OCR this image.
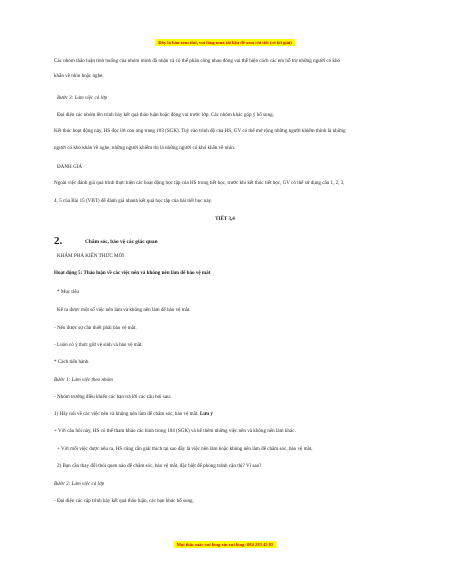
Đây là bản xem thử, vui lòng mua tài liệu để xem chi tiết (có lời giải)

Các nhóm thảo luận tình huống của nhóm mình đã nhận và có thể phân công nhau đóng vai thể hiện cách các em hỗ trợ những người có khó

khăn về nhìn hoặc nghe.

Bước 3: Làm việc cả lớp

Đại diện các nhóm lên trình bày kết quả thảo luận hoặc đóng vai trước lớp. Các nhóm khác góp ý bổ sung.

Kết thúc hoạt động này, HS đọc lời con ong trang 103 (SGK). Tuỳ vào trình độ của HS, GV có thể mở rộng những người khiếm thính là những

người có khó khăn về nghe, những người khiếm thị là những người có khó khăn về nhìn.

ĐÁNH GIÁ

Ngoài việc đánh giá quá trình thực hiện các hoạt động học tập của HS trong tiết học, trước khi kết thúc tiết học, GV có thể sử dụng câu 1, 2, 3,

4, 5 của Bài 15 (VBT) để đánh giá nhanh kết quả học tập của bài tiết học này.

TIẾT 3,4

2.	Chăm sóc, bảo vệ các giác quan

KHÁM PHÁ KIẾN THỨC MỚI

Hoạt động 5: Thảo luận về các việc nên và không nên làm để bảo vệ mắt

* Mục tiêu

Kể ra được một số việc nên làm và không nên làm để bảo vệ mắt.

- Nêu được sự cần thiết phải bảo vệ mắt.

- Luôn có ý thức giữ vệ sinh và bảo vệ mắt.

* Cách tiến hành

Bước 1: Làm việc theo nhóm

- Nhóm trưởng điều khiển các bạn trả lời các câu hỏi sau:

1) Hãy nói về các việc nên và không nên làm để chăm sóc, bảo vệ mắt. Lưu ý

+ Với câu hỏi này, HS có thể tham khảo các hình trong 104 (SGK) và kể thêm những việc nên và không nên làm khác.

+ Với mỗi việc được nêu ra, HS cũng cần giải thích tại sao đây là việc nên làm hoặc không nên làm để chăm sóc, bảo vệ mắt,

2) Bạn cần thay đổi thói quen nào để chăm sóc, bảo vệ mắt, đặc biệt để phòng tránh cận thị? Vì sao?

Bước 2: Làm việc cả lớp

- Đại diện các cặp trình bày kết quả thảo luận, các bạn khác bổ sung.

Mọi thắc mắc vui lòng xin vui lòng: 084 283 45 85
